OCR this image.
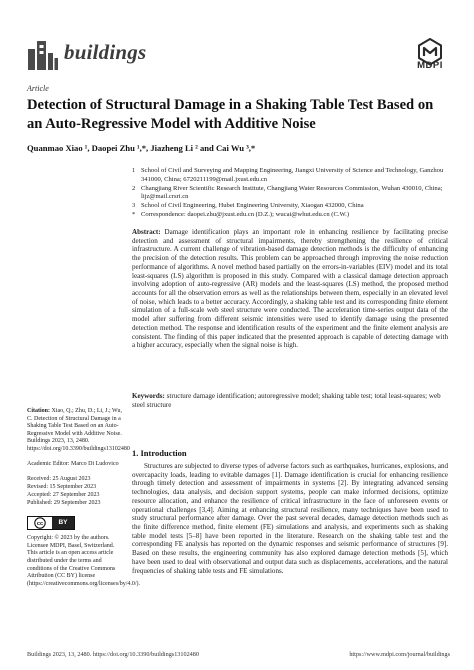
buildings
MDPI
Article
Detection of Structural Damage in a Shaking Table Test Based on an Auto-Regressive Model with Additive Noise
Quanmao Xiao ¹, Daopei Zhu ¹,*, Jiazheng Li ² and Cai Wu ³,*
1 School of Civil and Surveying and Mapping Engineering, Jiangxi University of Science and Technology, Ganzhou 341000, China; 6720211199@mail.jxust.edu.cn
2 Changjiang River Scientific Research Institute, Changjiang Water Resources Commission, Wuhan 430010, China; lijz@mail.crsri.cn
3 School of Civil Engineering, Hubei Engineering University, Xiaogan 432000, China
* Correspondence: daopei.zhu@jxust.edu.cn (D.Z.); wucai@whut.edu.cn (C.W.)
Abstract: Damage identification plays an important role in enhancing resilience by facilitating precise detection and assessment of structural impairments, thereby strengthening the resilience of critical infrastructure. A current challenge of vibration-based damage detection methods is the difficulty of enhancing the precision of the detection results. This problem can be approached through improving the noise reduction performance of algorithms. A novel method based partially on the errors-in-variables (EIV) model and its total least-squares (LS) algorithm is proposed in this study. Compared with a classical damage detection approach involving adoption of auto-regressive (AR) models and the least-squares (LS) method, the proposed method accounts for all the observation errors as well as the relationships between them, especially in an elevated level of noise, which leads to a better accuracy. Accordingly, a shaking table test and its corresponding finite element simulation of a full-scale web steel structure were conducted. The acceleration time-series output data of the model after suffering from different seismic intensities were used to identify damage using the presented detection method. The response and identification results of the experiment and the finite element analysis are consistent. The finding of this paper indicated that the presented approach is capable of detecting damage with a higher accuracy, especially when the signal noise is high.
Keywords: structure damage identification; autoregressive model; shaking table test; total least-squares; web steel structure
Citation: Xiao, Q.; Zhu, D.; Li, J.; Wu, C. Detection of Structural Damage in a Shaking Table Test Based on an Auto-Regressive Model with Additive Noise. Buildings 2023, 13, 2480. https://doi.org/10.3390/buildings13102480
Academic Editor: Marco Di Ludovico
Received: 25 August 2023
Revised: 15 September 2023
Accepted: 27 September 2023
Published: 29 September 2023
cc	BY
Copyright: © 2023 by the authors. Licensee MDPI, Basel, Switzerland. This article is an open access article distributed under the terms and conditions of the Creative Commons Attribution (CC BY) license (https://creativecommons.org/licenses/by/4.0/).
1. Introduction
Structures are subjected to diverse types of adverse factors such as earthquakes, hurricanes, explosions, and overcapacity loads, leading to evitable damages [1]. Damage identification is crucial for enhancing resilience through timely detection and assessment of impairments in systems [2]. By integrating advanced sensing technologies, data analysis, and decision support systems, people can make informed decisions, optimize resource allocation, and enhance the resilience of critical infrastructure in the face of unforeseen events or operational challenges [3,4]. Aiming at enhancing structural resilience, many techniques have been used to study structural performance after damage. Over the past several decades, damage detection methods such as the finite difference method, finite element (FE) simulations and analysis, and experiments such as shaking table model tests [5–8] have been reported in the literature. Research on the shaking table test and the corresponding FE analysis has reported on the dynamic responses and seismic performance of structures [9]. Based on these results, the engineering community has also explored damage detection methods [5], which have been used to deal with observational and output data such as displacements, accelerations, and the natural frequencies of shaking table tests and FE simulations.
Buildings 2023, 13, 2480. https://doi.org/10.3390/buildings13102480	https://www.mdpi.com/journal/buildings
